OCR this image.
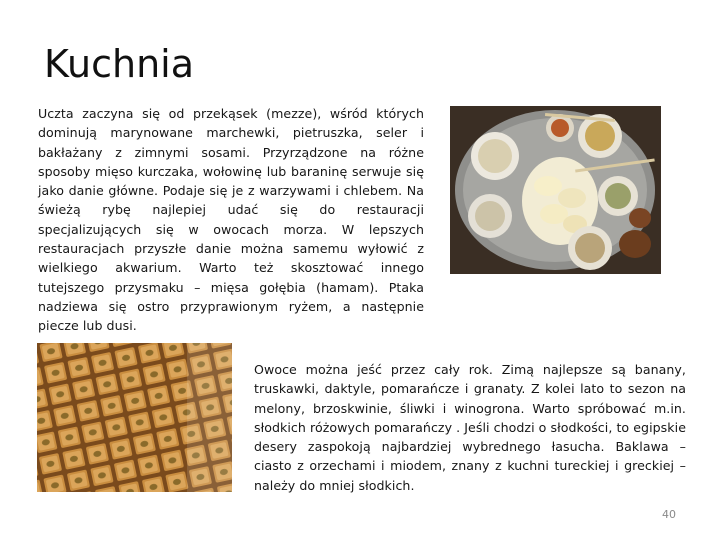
Kuchnia
Uczta zaczyna się od przekąsek (mezze), wśród których dominują marynowane marchewki, pietruszka, seler i bakłażany z zimnymi sosami. Przyrządzone na różne sposoby mięso kurczaka, wołowinę lub baraninę serwuje się jako danie główne. Podaje się je z warzywami i chlebem. Na świeżą rybę najlepiej udać się do restauracji specjalizujących się w owocach morza. W lepszych restauracjach przyszłe danie można samemu wyłowić z wielkiego akwarium. Warto też skosztować innego tutejszego przysmaku – mięsa gołębia (hamam). Ptaka nadziewa się ostro przyprawionym ryżem, a następnie piecze lub dusi.
Owoce można jeść przez cały rok. Zimą najlepsze są banany, truskawki, daktyle, pomarańcze i granaty. Z kolei lato to sezon na melony, brzoskwinie, śliwki i winogrona. Warto spróbować m.in. słodkich różowych pomarańczy . Jeśli chodzi o słodkości, to egipskie desery zaspokoją najbardziej wybrednego łasucha. Baklawa – ciasto z orzechami i miodem, znany z kuchni tureckiej i greckiej – należy do mniej słodkich.
40
